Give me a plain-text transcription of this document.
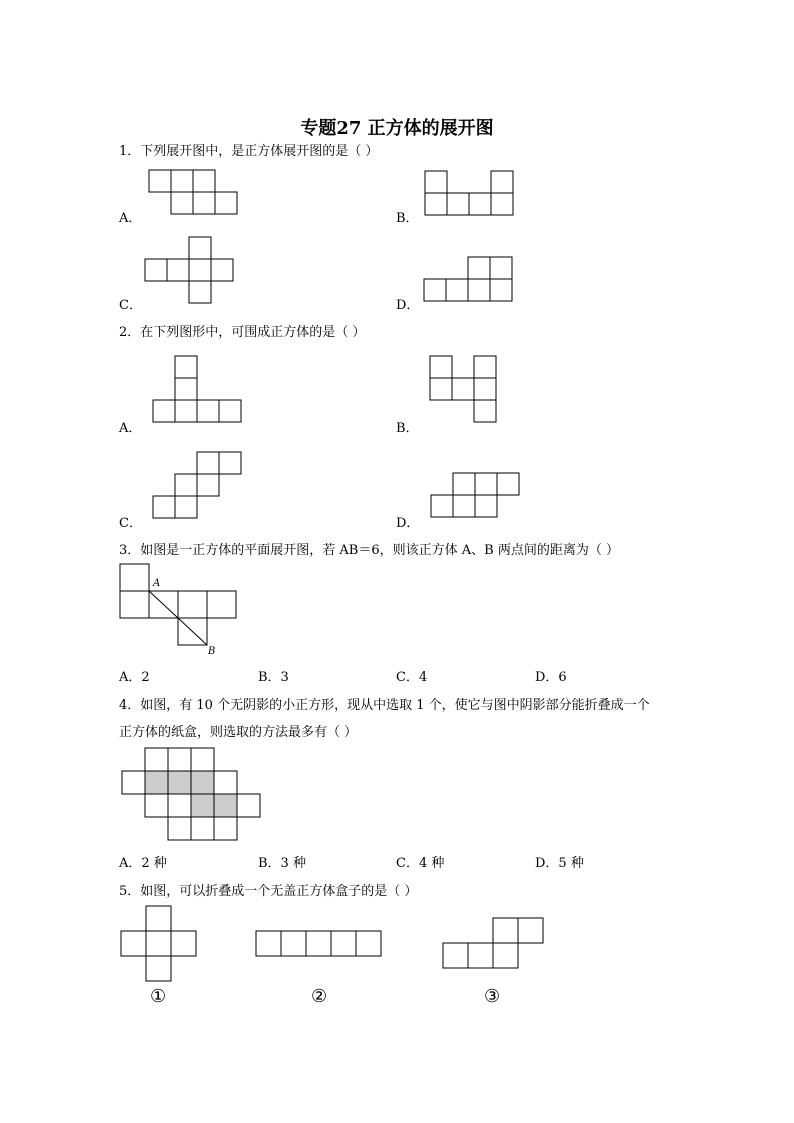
专题27 正方体的展开图
1．下列展开图中，是正方体展开图的是（ ）
A．	B．
C．	D．
2．在下列图形中，可围成正方体的是（ ）
A．	B．
C．	D．
3．如图是一正方体的平面展开图，若 AB＝6，则该正方体 A、B 两点间的距离为（ ）
A
B
A．2	B．3	C．4	D．6
4．如图，有 10 个无阴影的小正方形，现从中选取 1 个，使它与图中阴影部分能折叠成一个
正方体的纸盒，则选取的方法最多有（ ）
A．2 种	B．3 种	C．4 种	D．5 种
5．如图，可以折叠成一个无盖正方体盒子的是（ ）
①	②	③
